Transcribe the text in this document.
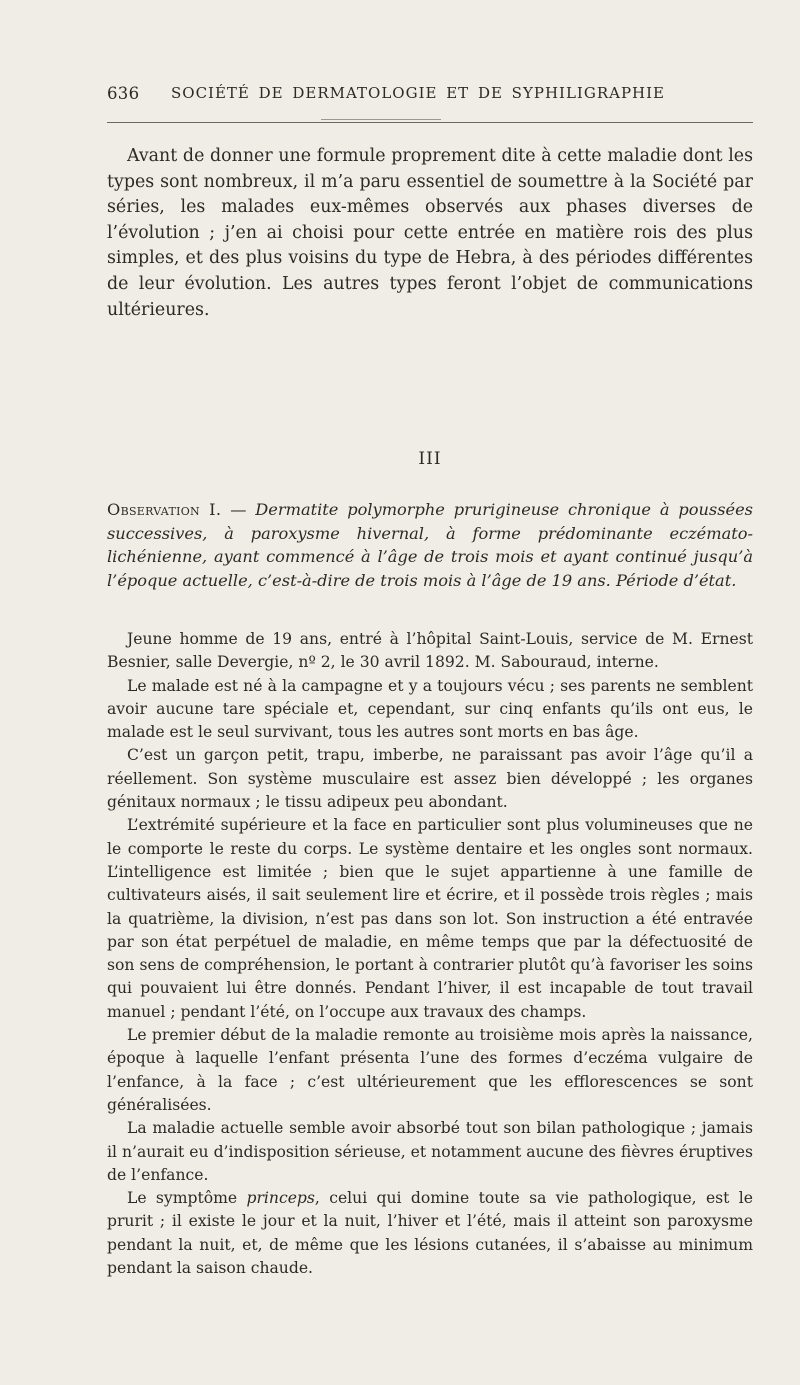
636 SOCIÉTÉ DE DERMATOLOGIE ET DE SYPHILIGRAPHIE

Avant de donner une formule proprement dite à cette maladie dont les types sont nombreux, il m’a paru essentiel de soumettre à la Société par séries, les malades eux-mêmes observés aux phases diverses de l’évolution ; j’en ai choisi pour cette entrée en matière rois des plus simples, et des plus voisins du type de Hebra, à des périodes différentes de leur évolution. Les autres types feront l’objet de communications ultérieures.

III

Observation I. — Dermatite polymorphe prurigineuse chronique à poussées successives, à paroxysme hivernal, à forme prédominante eczémato-lichénienne, ayant commencé à l’âge de trois mois et ayant continué jusqu’à l’époque actuelle, c’est-à-dire de trois mois à l’âge de 19 ans. Période d’état.

Jeune homme de 19 ans, entré à l’hôpital Saint-Louis, service de M. Ernest Besnier, salle Devergie, nº 2, le 30 avril 1892. M. Sabouraud, interne.

Le malade est né à la campagne et y a toujours vécu ; ses parents ne semblent avoir aucune tare spéciale et, cependant, sur cinq enfants qu’ils ont eus, le malade est le seul survivant, tous les autres sont morts en bas âge.

C’est un garçon petit, trapu, imberbe, ne paraissant pas avoir l’âge qu’il a réellement. Son système musculaire est assez bien développé ; les organes génitaux normaux ; le tissu adipeux peu abondant.

L’extrémité supérieure et la face en particulier sont plus volumineuses que ne le comporte le reste du corps. Le système dentaire et les ongles sont normaux. L’intelligence est limitée ; bien que le sujet appartienne à une famille de cultivateurs aisés, il sait seulement lire et écrire, et il possède trois règles ; mais la quatrième, la division, n’est pas dans son lot. Son instruction a été entravée par son état perpétuel de maladie, en même temps que par la défectuosité de son sens de compréhension, le portant à contrarier plutôt qu’à favoriser les soins qui pouvaient lui être donnés. Pendant l’hiver, il est incapable de tout travail manuel ; pendant l’été, on l’occupe aux travaux des champs.

Le premier début de la maladie remonte au troisième mois après la naissance, époque à laquelle l’enfant présenta l’une des formes d’eczéma vulgaire de l’enfance, à la face ; c’est ultérieurement que les efflorescences se sont généralisées.

La maladie actuelle semble avoir absorbé tout son bilan pathologique ; jamais il n’aurait eu d’indisposition sérieuse, et notamment aucune des fièvres éruptives de l’enfance.

Le symptôme princeps, celui qui domine toute sa vie pathologique, est le prurit ; il existe le jour et la nuit, l’hiver et l’été, mais il atteint son paroxysme pendant la nuit, et, de même que les lésions cutanées, il s’abaisse au minimum pendant la saison chaude.
